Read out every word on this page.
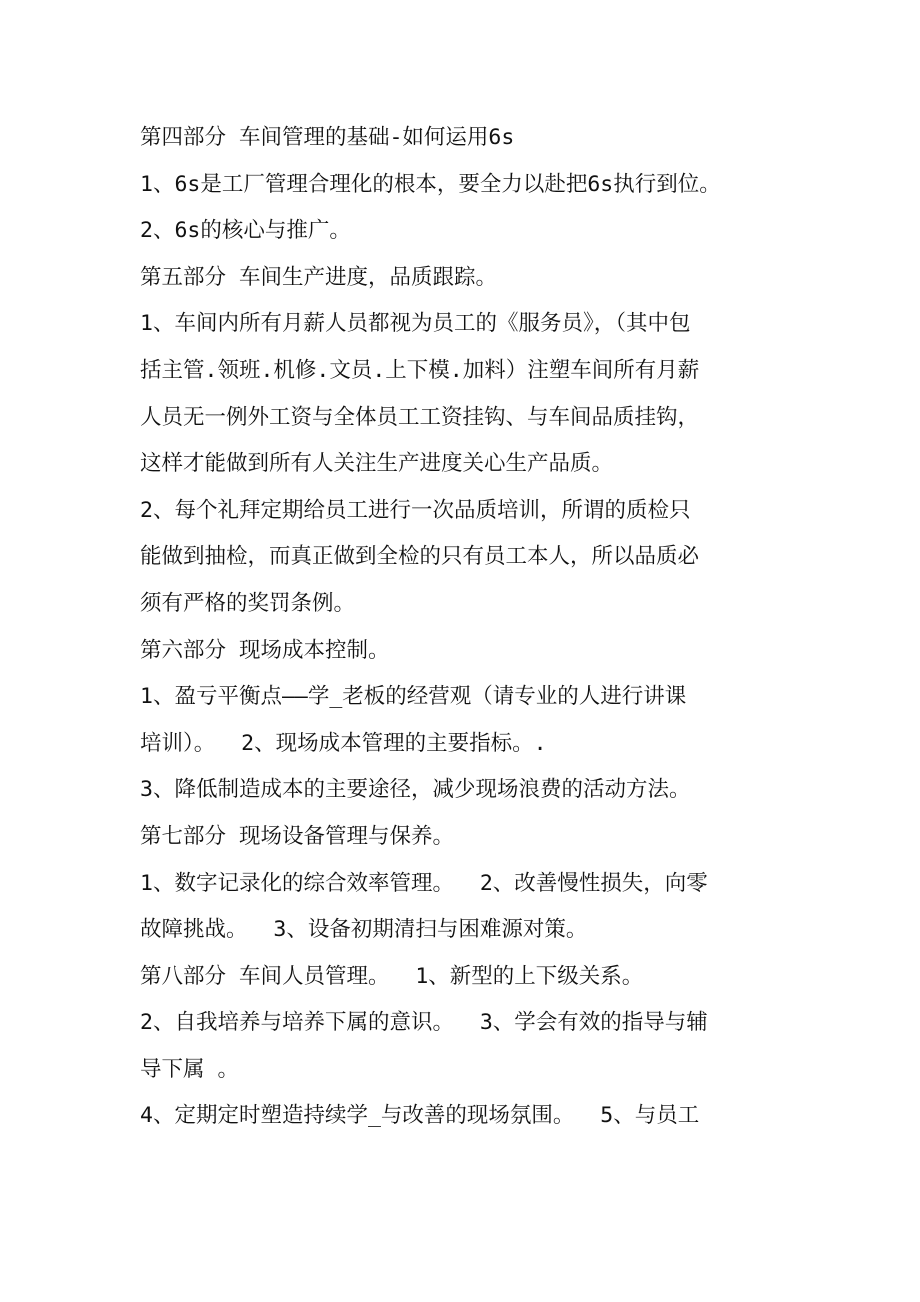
第四部分 车间管理的基础-如何运用6s
1、6s是工厂管理合理化的根本，要全力以赴把6s执行到位。
2、6s的核心与推广。
第五部分 车间生产进度，品质跟踪。
1、车间内所有月薪人员都视为员工的《服务员》，（其中包
括主管.领班.机修.文员.上下模.加料）注塑车间所有月薪
人员无一例外工资与全体员工工资挂钩、与车间品质挂钩，
这样才能做到所有人关注生产进度关心生产品质。
2、每个礼拜定期给员工进行一次品质培训，所谓的质检只
能做到抽检，而真正做到全检的只有员工本人，所以品质必
须有严格的奖罚条例。
第六部分 现场成本控制。
1、盈亏平衡点——学_老板的经营观（请专业的人进行讲课
培训）。  2、现场成本管理的主要指标。.
3、降低制造成本的主要途径，减少现场浪费的活动方法。
第七部分 现场设备管理与保养。
1、数字记录化的综合效率管理。  2、改善慢性损失，向零
故障挑战。  3、设备初期清扫与困难源对策。
第八部分 车间人员管理。  1、新型的上下级关系。
2、自我培养与培养下属的意识。  3、学会有效的指导与辅
导下属 。
4、定期定时塑造持续学_与改善的现场氛围。  5、与员工
